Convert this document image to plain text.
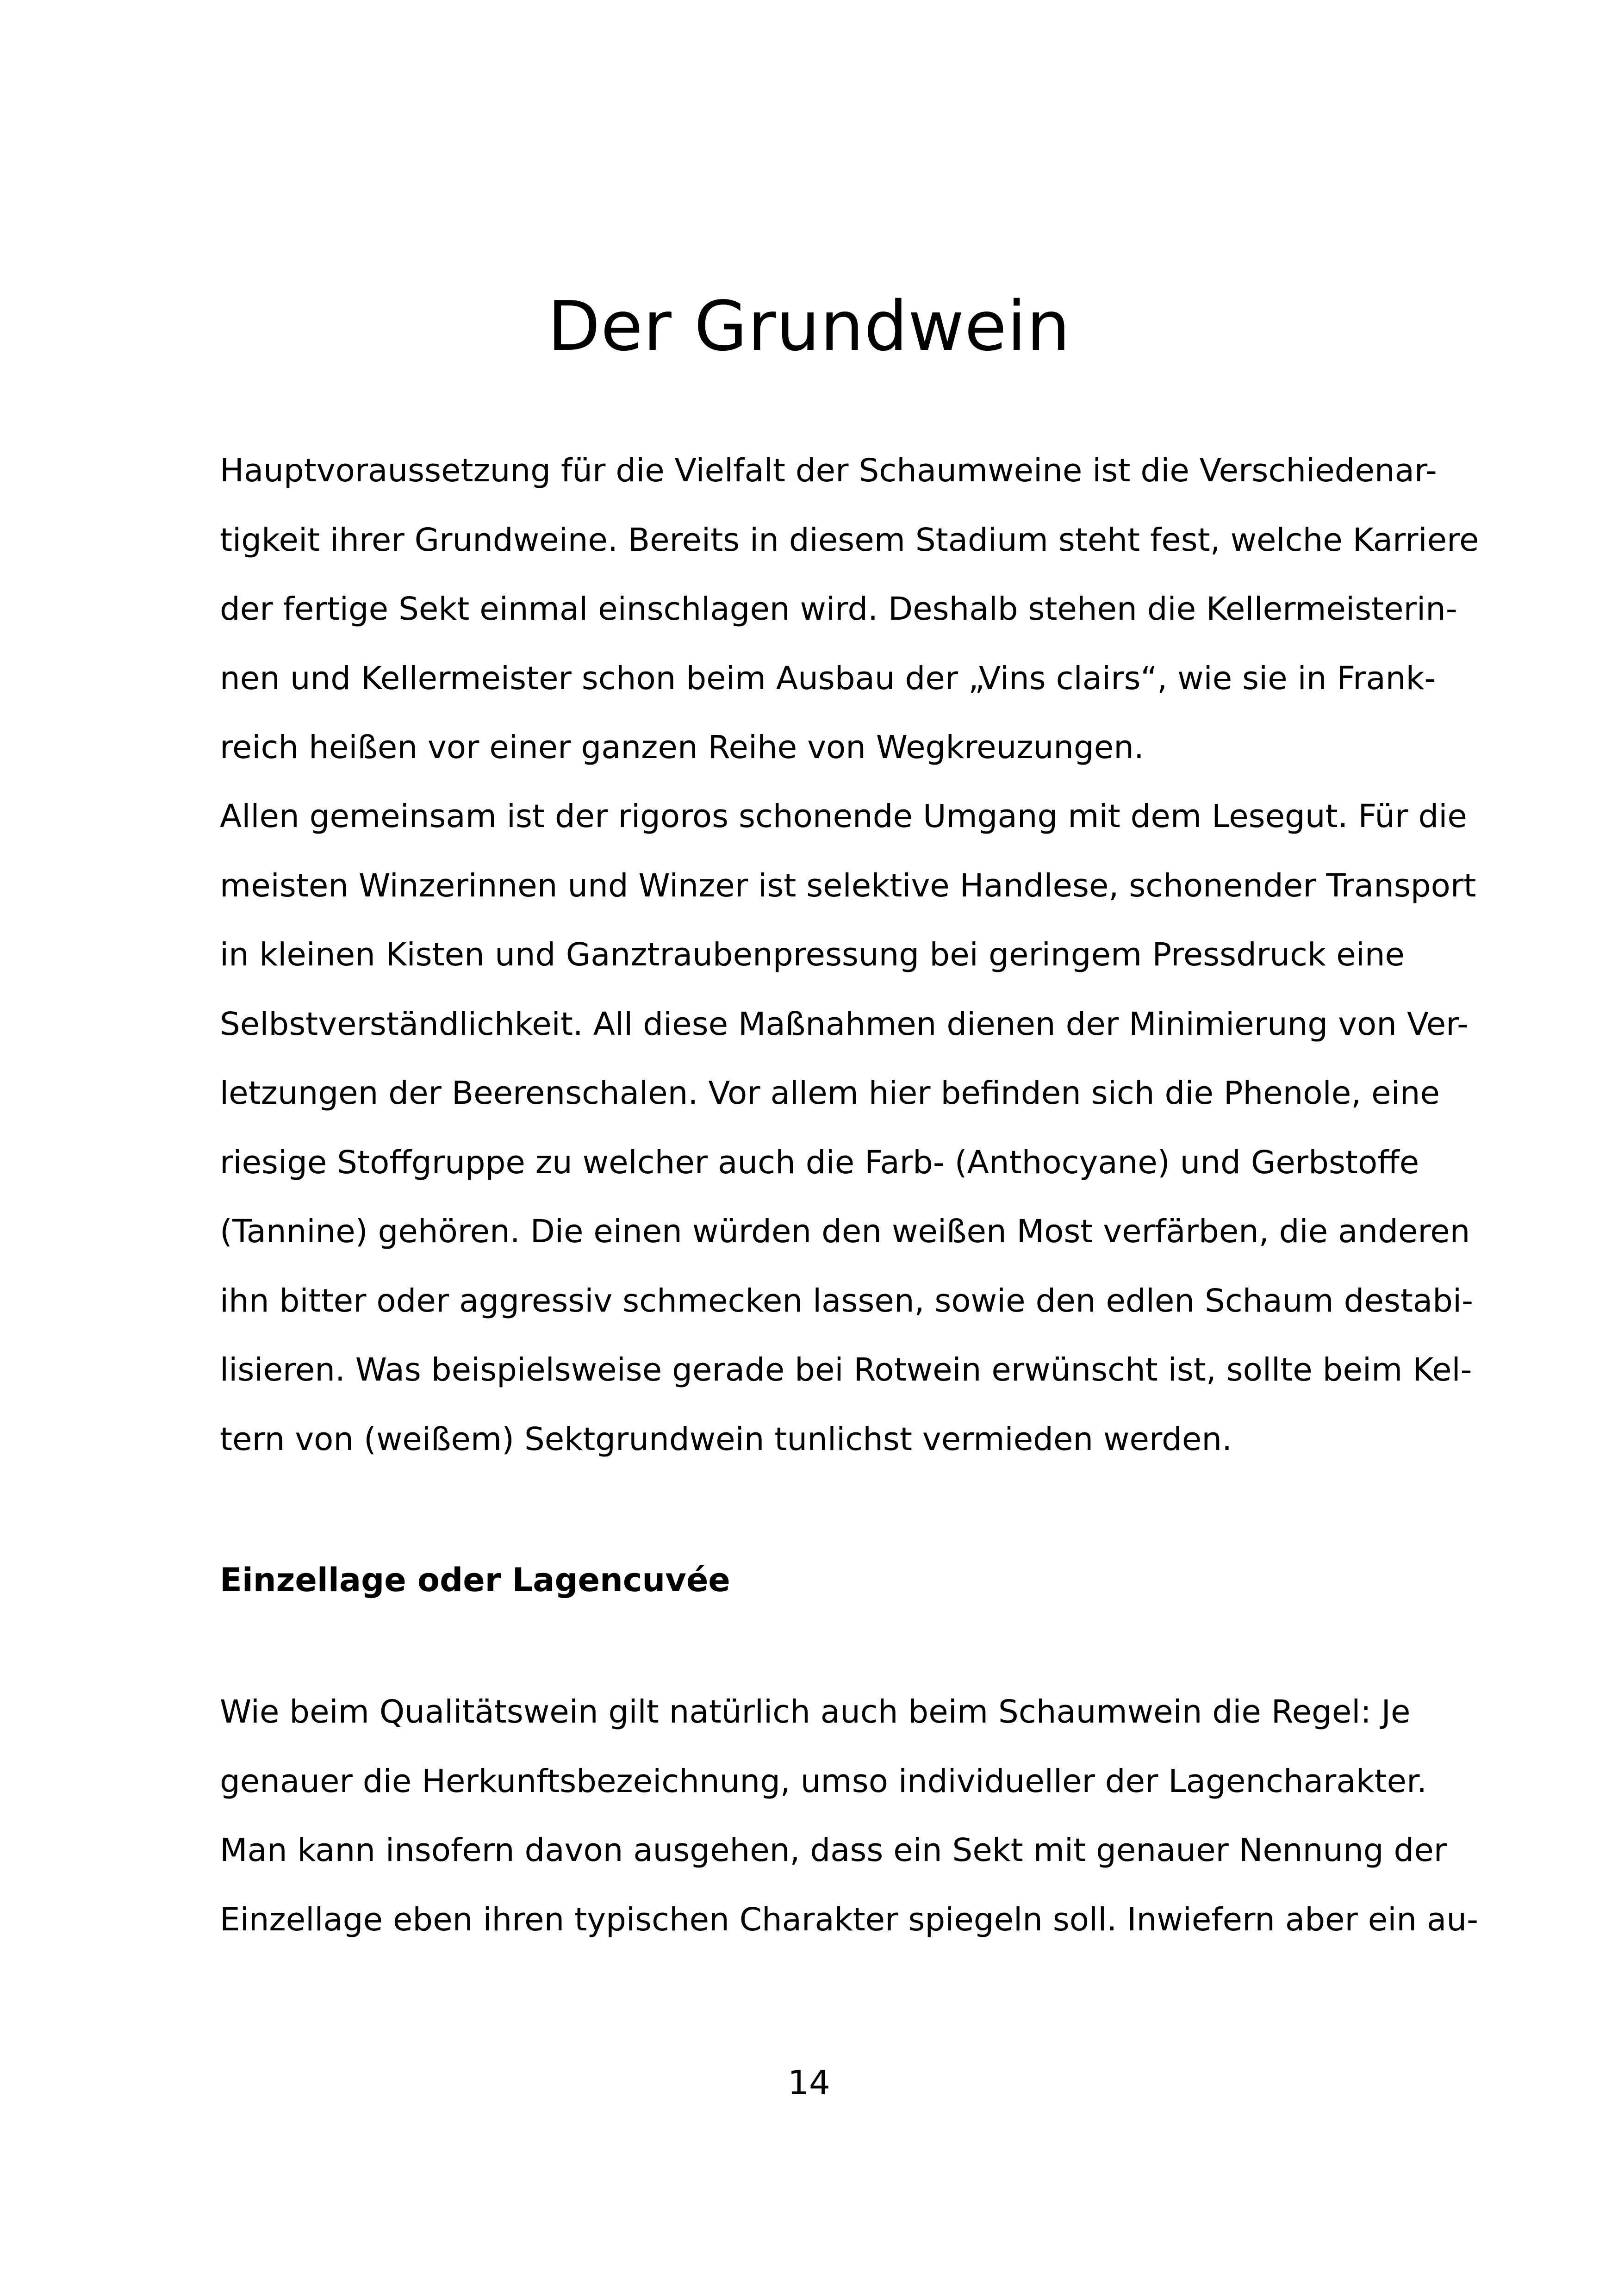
Der Grundwein

Hauptvoraussetzung für die Vielfalt der Schaumweine ist die Verschiedenar-
tigkeit ihrer Grundweine. Bereits in diesem Stadium steht fest, welche Karriere
der fertige Sekt einmal einschlagen wird. Deshalb stehen die Kellermeisterin-
nen und Kellermeister schon beim Ausbau der „Vins clairs“, wie sie in Frank-
reich heißen vor einer ganzen Reihe von Wegkreuzungen.

Allen gemeinsam ist der rigoros schonende Umgang mit dem Lesegut. Für die
meisten Winzerinnen und Winzer ist selektive Handlese, schonender Transport
in kleinen Kisten und Ganztraubenpressung bei geringem Pressdruck eine
Selbstverständlichkeit. All diese Maßnahmen dienen der Minimierung von Ver-
letzungen der Beerenschalen. Vor allem hier befinden sich die Phenole, eine
riesige Stoffgruppe zu welcher auch die Farb- (Anthocyane) und Gerbstoffe
(Tannine) gehören. Die einen würden den weißen Most verfärben, die anderen
ihn bitter oder aggressiv schmecken lassen, sowie den edlen Schaum destabi-
lisieren. Was beispielsweise gerade bei Rotwein erwünscht ist, sollte beim Kel-
tern von (weißem) Sektgrundwein tunlichst vermieden werden.

Einzellage oder Lagencuvée

Wie beim Qualitätswein gilt natürlich auch beim Schaumwein die Regel: Je
genauer die Herkunftsbezeichnung, umso individueller der Lagencharakter.
Man kann insofern davon ausgehen, dass ein Sekt mit genauer Nennung der
Einzellage eben ihren typischen Charakter spiegeln soll. Inwiefern aber ein au-

14
